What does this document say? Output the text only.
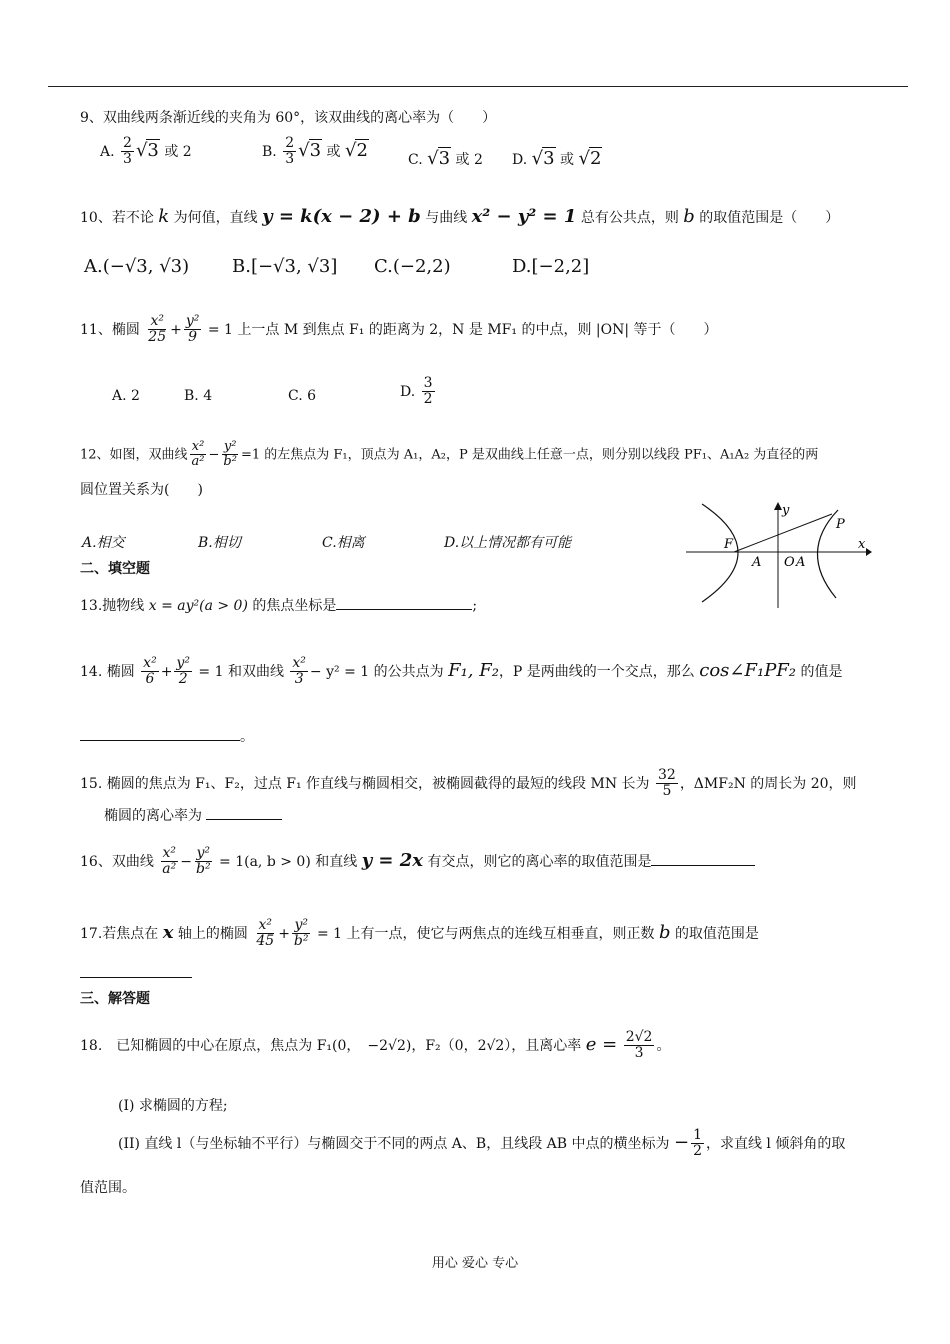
9、双曲线两条渐近线的夹角为 60°，该双曲线的离心率为（　　）
A. $\frac{2}{3} √3$ 或 2	B. $\frac{2}{3} √3$ 或 √2	C. √3 或 2 D. √3 或 √2
10、若不论 k 为何值，直线 y = k(x − 2) + b 与曲线 x² − y² = 1 总有公共点，则 b 的取值范围是（　　）
A.(−√3, √3) B.[−√3, √3] C.(−2,2)	D.[−2,2]
11、椭圆 $\frac{\text{x²}}{25} + \frac{\text{y²}}{9} = 1$ 上一点 M 到焦点 F₁ 的距离为 2，N 是 MF₁ 的中点，则 |ON| 等于（　　）
A. 2	B. 4	C. 6	D. $\frac{3}{2}$
12、如图，双曲线 $\frac{\text{x²}}{\text{a²}} - \frac{\text{y²}}{\text{b²}} =1$ 的左焦点为 F₁，顶点为 A₁，A₂，P 是双曲线上任意一点，则分别以线段 PF₁、A₁A₂ 为直径的两
圆位置关系为(　　)
A.相交	B.相切	C.相离	D.以上情况都有可能
y
x
P
F
A O A
二、填空题
13.抛物线 x = ay²(a > 0) 的焦点坐标是	;
14. 椭圆 $\frac{\text{x²}}{6} + \frac{\text{y²}}{2} = 1$ 和双曲线 $\frac{\text{x²}}{3} - y^2 = 1$ 的公共点为 F₁, F₂，P 是两曲线的一个交点，那么 cos∠F₁PF₂ 的值是
。
15. 椭圆的焦点为 F₁、F₂，过点 F₁ 作直线与椭圆相交，被椭圆截得的最短的线段 MN 长为 $\frac{32}{5}$ ，ΔMF₂N 的周长为 20，则
椭圆的离心率为
16、双曲线 $\frac{\text{x²}}{\text{a²}} - \frac{\text{y²}}{\text{b²}} = 1(a$, b > 0) 和直线 y = 2x 有交点，则它的离心率的取值范围是
17.若焦点在 x 轴上的椭圆 $\frac{\text{x²}}{45} + \frac{\text{y²}}{\text{b²}} = 1$ 上有一点，使它与两焦点的连线互相垂直，则正数 b 的取值范围是
三、解答题
18.　已知椭圆的中心在原点，焦点为 F₁(0，　−2√2)，F₂（0，2√2），且离心率 $e = \frac{2√2}{3}$ 。
(I) 求椭圆的方程;
(II) 直线 l（与坐标轴不平行）与椭圆交于不同的两点 A、B，且线段 AB 中点的横坐标为 − $\frac{1}{2}$ ，求直线 l 倾斜角的取
值范围。
用心 爱心 专心
